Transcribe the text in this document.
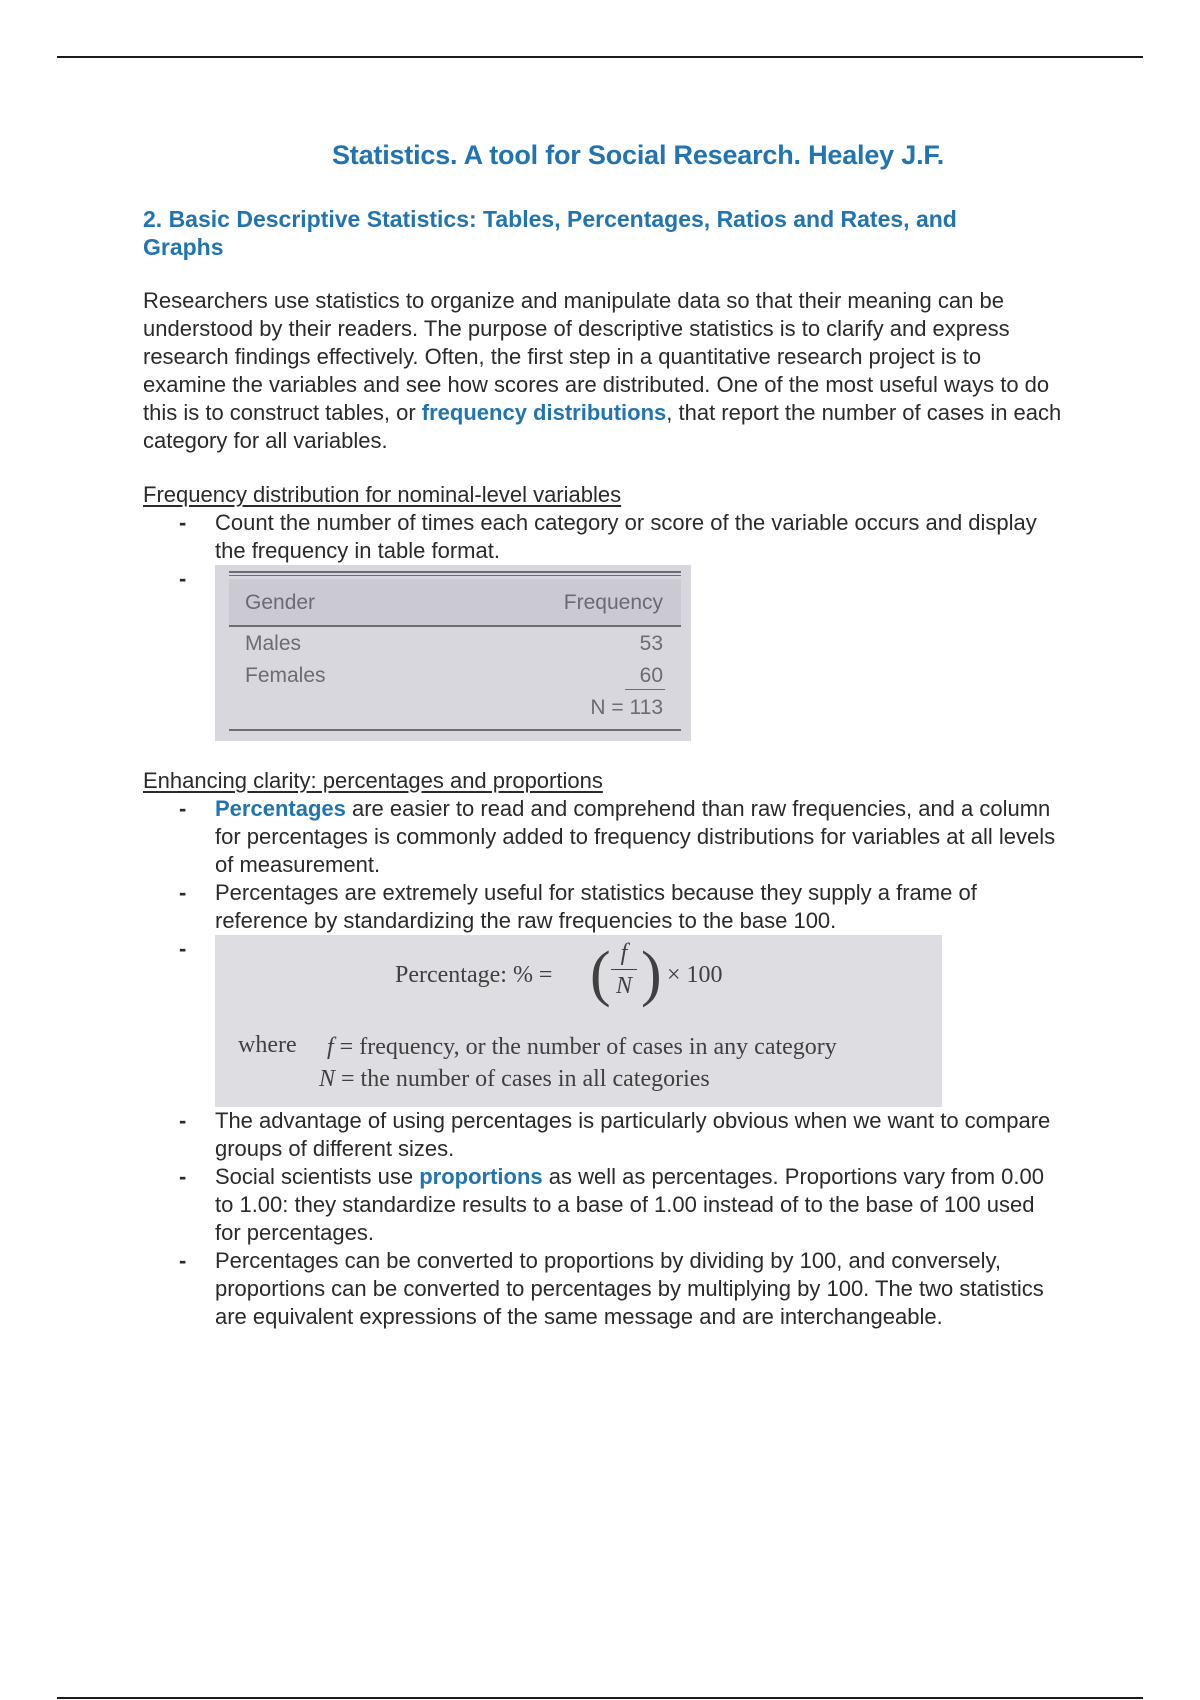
Statistics. A tool for Social Research. Healey J.F.
2. Basic Descriptive Statistics: Tables, Percentages, Ratios and Rates, and Graphs

Researchers use statistics to organize and manipulate data so that their meaning can be understood by their readers. The purpose of descriptive statistics is to clarify and express research findings effectively. Often, the first step in a quantitative research project is to examine the variables and see how scores are distributed. One of the most useful ways to do this is to construct tables, or frequency distributions, that report the number of cases in each category for all variables.

Frequency distribution for nominal-level variables
- Count the number of times each category or score of the variable occurs and display the frequency in table format.
- Gender	Frequency
Males	53
Females	60
N = 113
Enhancing clarity: percentages and proportions
- Percentages are easier to read and comprehend than raw frequencies, and a column for percentages is commonly added to frequency distributions for variables at all levels of measurement.
- Percentages are extremely useful for statistics because they supply a frame of reference by standardizing the raw frequencies to the base 100.
- Percentage: % = ( f
N ) × 100
where f = frequency, or the number of cases in any category
N = the number of cases in all categories
- The advantage of using percentages is particularly obvious when we want to compare groups of different sizes.
- Social scientists use proportions as well as percentages. Proportions vary from 0.00 to 1.00: they standardize results to a base of 1.00 instead of to the base of 100 used for percentages.
- Percentages can be converted to proportions by dividing by 100, and conversely, proportions can be converted to percentages by multiplying by 100. The two statistics are equivalent expressions of the same message and are interchangeable.
